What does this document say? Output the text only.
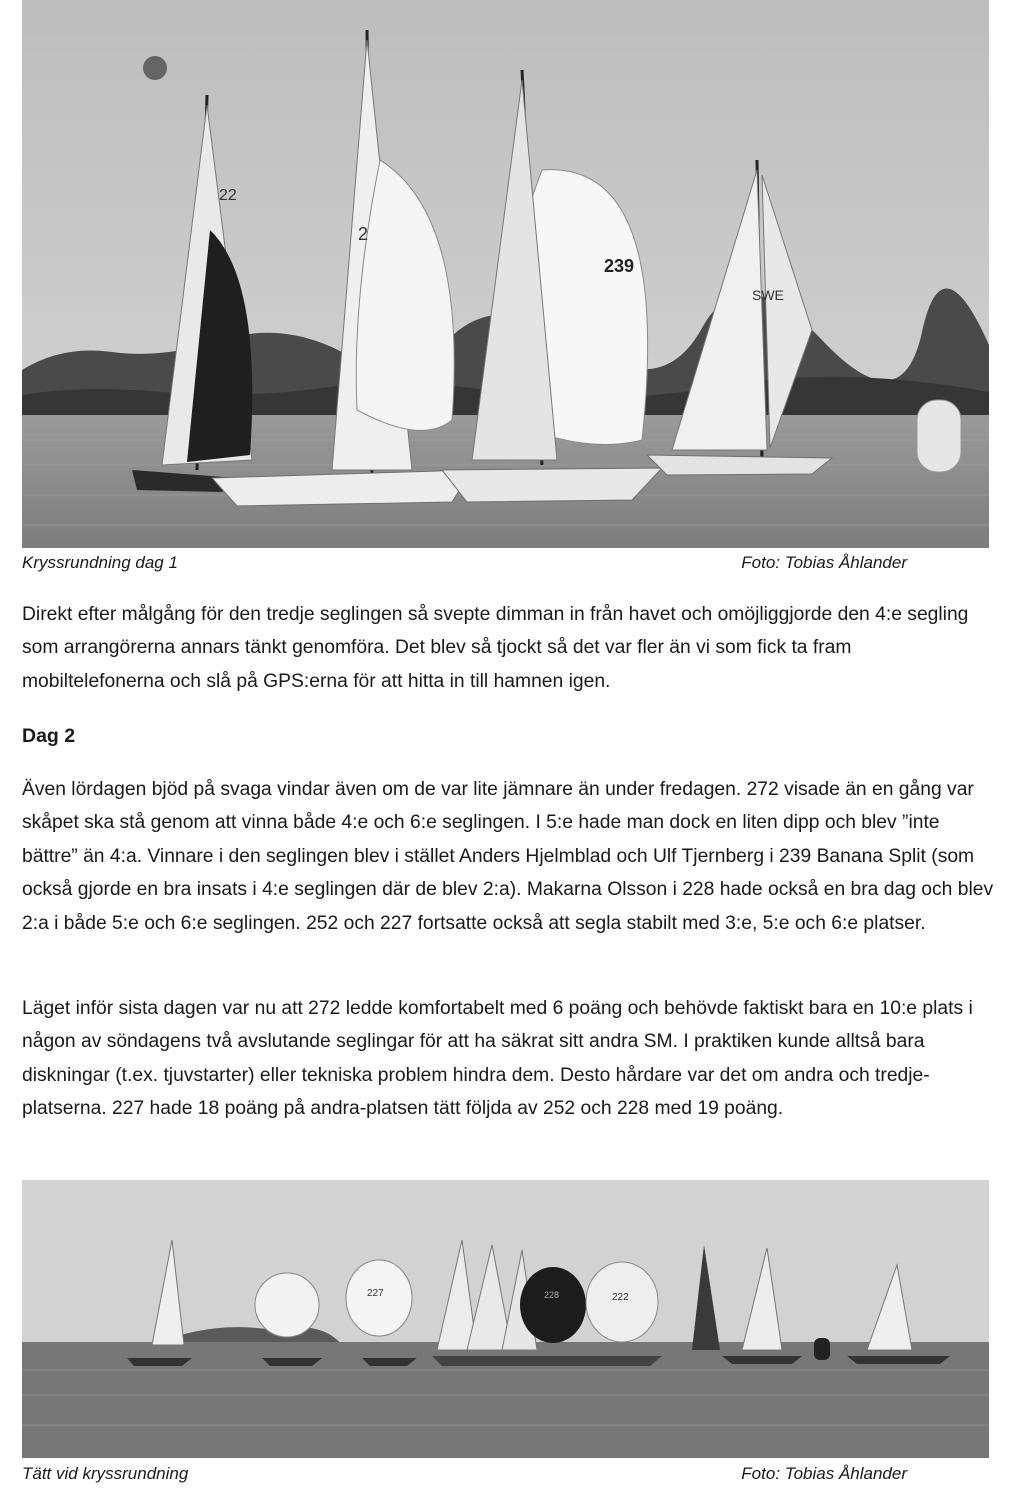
22
2
239
SWE
Kryssrundning dag 1	Foto: Tobias Åhlander

Direkt efter målgång för den tredje seglingen så svepte dimman in från havet och omöjliggjorde den 4:e segling som arrangörerna annars tänkt genomföra. Det blev så tjockt så det var fler än vi som fick ta fram mobiltelefonerna och slå på GPS:erna för att hitta in till hamnen igen.

Dag 2

Även lördagen bjöd på svaga vindar även om de var lite jämnare än under fredagen. 272 visade än en gång var skåpet ska stå genom att vinna både 4:e och 6:e seglingen. I 5:e hade man dock en liten dipp och blev ”inte bättre” än 4:a. Vinnare i den seglingen blev i stället Anders Hjelmblad och Ulf Tjernberg i 239 Banana Split (som också gjorde en bra insats i 4:e seglingen där de blev 2:a). Makarna Olsson i 228 hade också en bra dag och blev 2:a i både 5:e och 6:e seglingen. 252 och 227 fortsatte också att segla stabilt med 3:e, 5:e och 6:e platser.

Läget inför sista dagen var nu att 272 ledde komfortabelt med 6 poäng och behövde faktiskt bara en 10:e plats i någon av söndagens två avslutande seglingar för att ha säkrat sitt andra SM. I praktiken kunde alltså bara diskningar (t.ex. tjuvstarter) eller tekniska problem hindra dem. Desto hårdare var det om andra och tredje-platserna. 227 hade 18 poäng på andra-platsen tätt följda av 252 och 228 med 19 poäng.

227	228	222
Tätt vid kryssrundning	Foto: Tobias Åhlander
